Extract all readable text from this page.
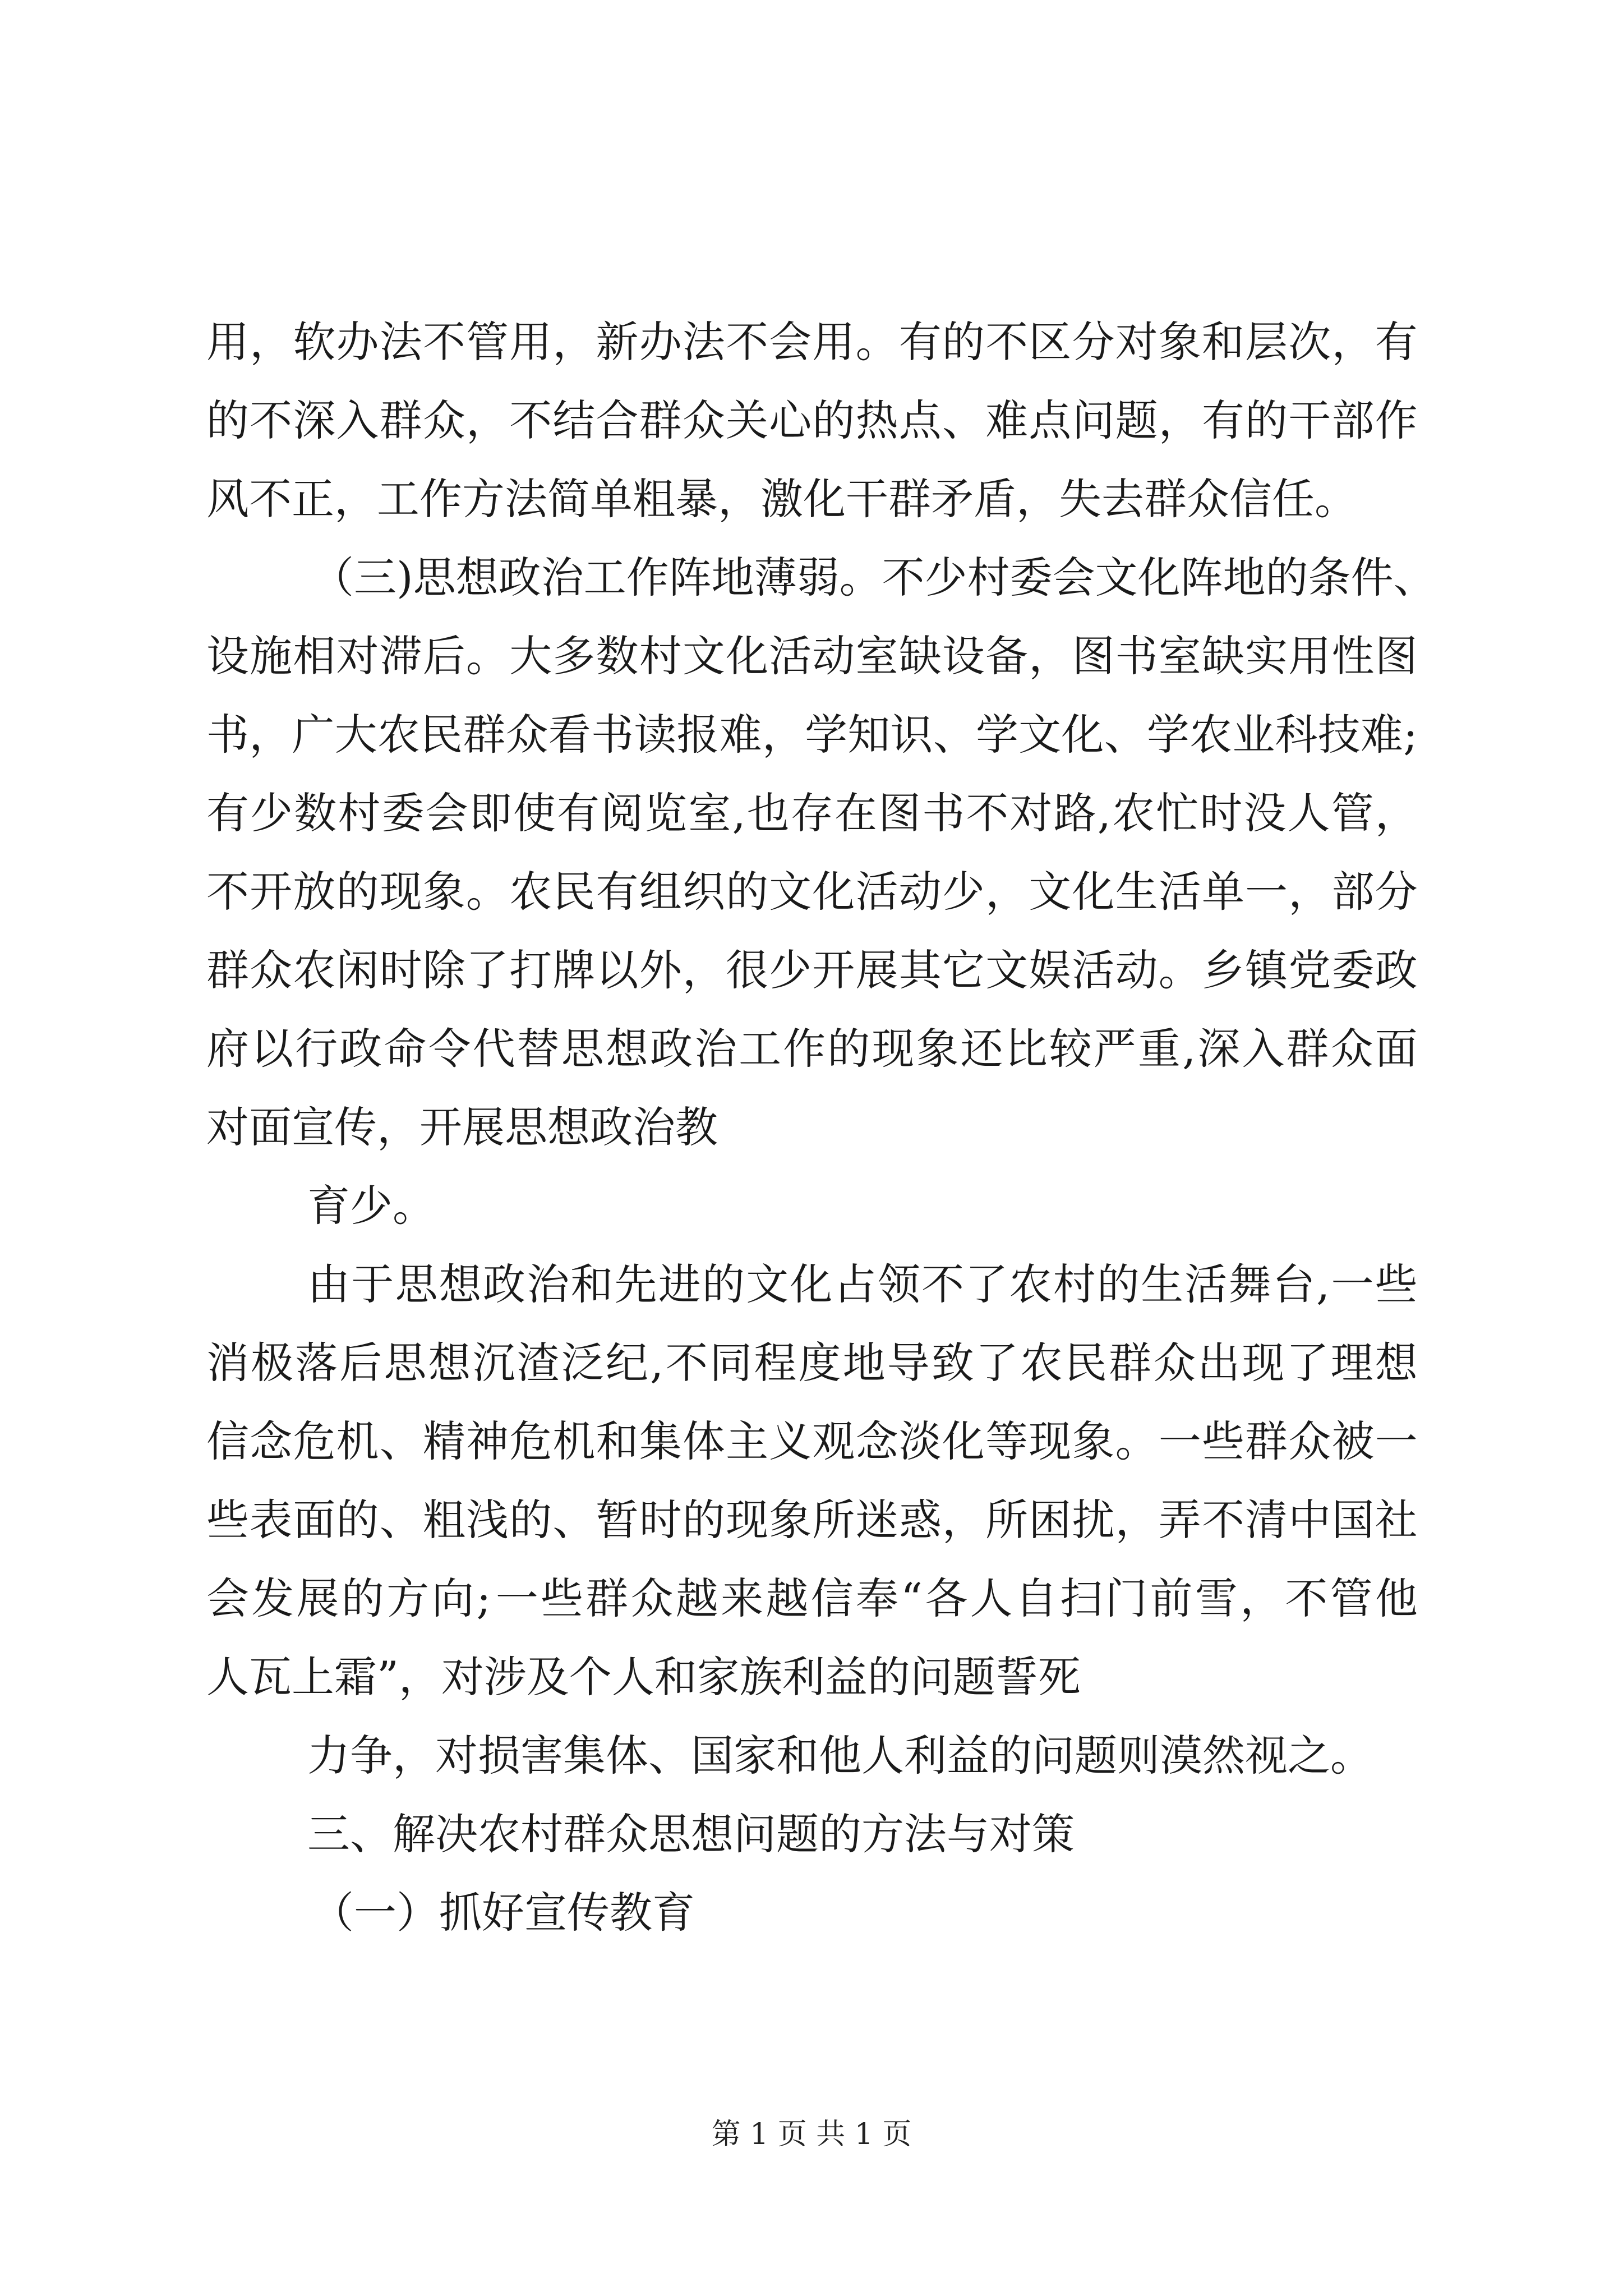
用 ， 软 办 法 不 管 用 ， 新 办 法 不 会 用 。 有 的 不 区 分 对 象 和 层 次 ， 有
的 不 深 入 群 众 ， 不 结 合 群 众 关 心 的 热 点 、 难 点 问 题 ， 有 的 干 部 作
风不正，工作方法简单粗暴，激化干群矛盾，失去群众信任。
（ 三 ) 思 想 政 治 工 作 阵 地 薄 弱 。 不 少 村 委 会 文 化 阵 地 的 条 件 、
设 施 相 对 滞 后 。 大 多 数 村 文 化 活 动 室 缺 设 备 ， 图 书 室 缺 实 用 性 图
书 ， 广 大 农 民 群 众 看 书 读 报 难 ， 学 知 识 、 学 文 化 、 学 农 业 科 技 难 ;
有 少 数 村 委 会 即 使 有 阅 览 室 , 也 存 在 图 书 不 对 路 , 农 忙 时 没 人 管 ，
不 开 放 的 现 象 。 农 民 有 组 织 的 文 化 活 动 少 ， 文 化 生 活 单 一 ， 部 分
群 众 农 闲 时 除 了 打 牌 以 外 ， 很 少 开 展 其 它 文 娱 活 动 。 乡 镇 党 委 政
府 以 行 政 命 令 代 替 思 想 政 治 工 作 的 现 象 还 比 较 严 重 , 深 入 群 众 面
对面宣传，开展思想政治教
育少。
由 于 思 想 政 治 和 先 进 的 文 化 占 领 不 了 农 村 的 生 活 舞 台 , 一 些
消 极 落 后 思 想 沉 渣 泛 纪 , 不 同 程 度 地 导 致 了 农 民 群 众 出 现 了 理 想
信 念 危 机 、 精 神 危 机 和 集 体 主 义 观 念 淡 化 等 现 象 。 一 些 群 众 被 一
些 表 面 的 、 粗 浅 的 、 暂 时 的 现 象 所 迷 惑 ， 所 困 扰 ， 弄 不 清 中 国 社
会 发 展 的 方 向 ; 一 些 群 众 越 来 越 信 奉 “ 各 人 自 扫 门 前 雪 ， 不 管 他
人瓦上霜”，对涉及个人和家族利益的问题誓死
力争，对损害集体、国家和他人利益的问题则漠然视之。
三、解决农村群众思想问题的方法与对策
（一）抓好宣传教育
第 1 页 共 1 页
